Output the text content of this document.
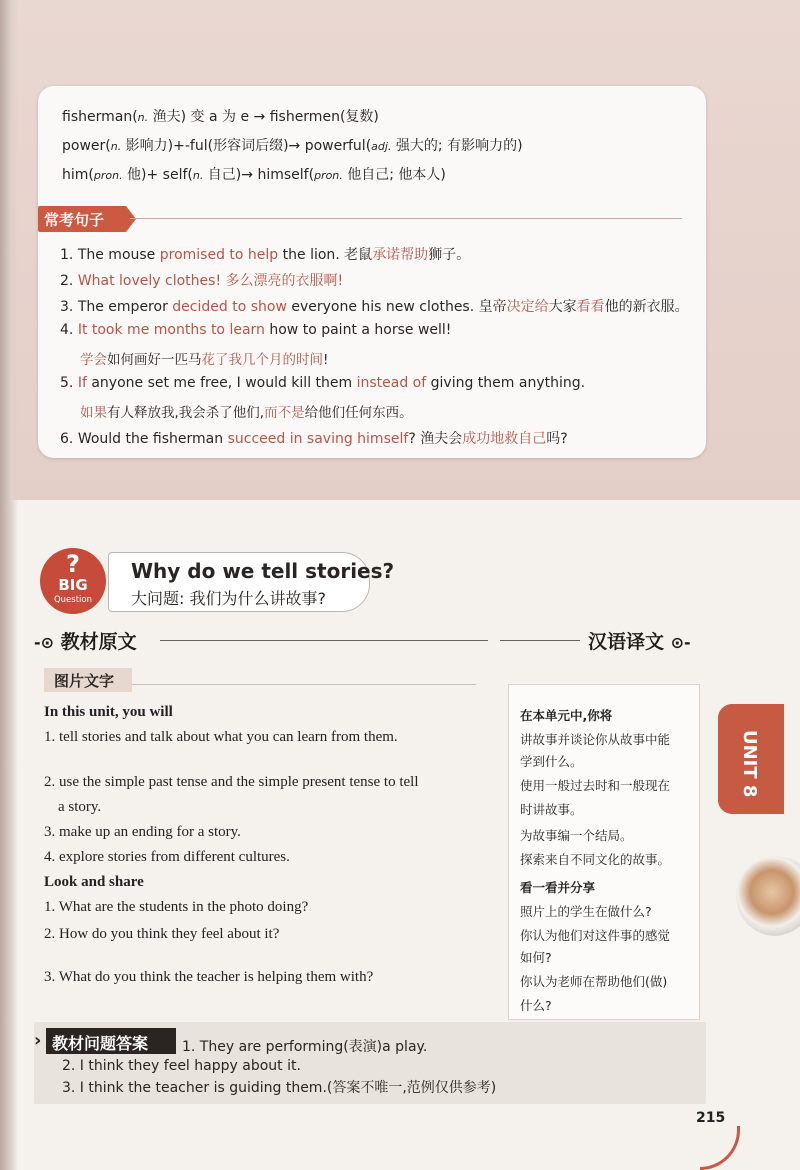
fisherman(n. 渔夫) 变 a 为 e → fishermen(复数)
power(n. 影响力)+-ful(形容词后缀)→ powerful(adj. 强大的; 有影响力的)
him(pron. 他)+ self(n. 自己)→ himself(pron. 他自己; 他本人)
常考句子
1. The mouse promised to help the lion. 老鼠承诺帮助狮子。
2. What lovely clothes! 多么漂亮的衣服啊!
3. The emperor decided to show everyone his new clothes. 皇帝决定给大家看看他的新衣服。
4. It took me months to learn how to paint a horse well!
学会如何画好一匹马花了我几个月的时间!
5. If anyone set me free, I would kill them instead of giving them anything.
如果有人释放我,我会杀了他们,而不是给他们任何东西。
6. Would the fisherman succeed in saving himself? 渔夫会成功地救自己吗?
Why do we tell stories?
大问题: 我们为什么讲故事?
?
BIG
Question
-⊙ 教材原文	汉语译文 ⊙-
图片文字
In this unit, you will
1. tell stories and talk about what you can learn from them.
2. use the simple past tense and the simple present tense to tell
a story.
3. make up an ending for a story.
4. explore stories from different cultures.
Look and share
1. What are the students in the photo doing?
2. How do you think they feel about it?
3. What do you think the teacher is helping them with?
在本单元中,你将
讲故事并谈论你从故事中能
学到什么。
使用一般过去时和一般现在
时讲故事。
为故事编一个结局。
探索来自不同文化的故事。
看一看并分享
照片上的学生在做什么?
你认为他们对这件事的感觉
如何?
你认为老师在帮助他们(做)
什么?
UNIT 8
› 教材问题答案	1. They are performing(表演)a play.
2. I think they feel happy about it.
3. I think the teacher is guiding them.(答案不唯一,范例仅供参考)
215
